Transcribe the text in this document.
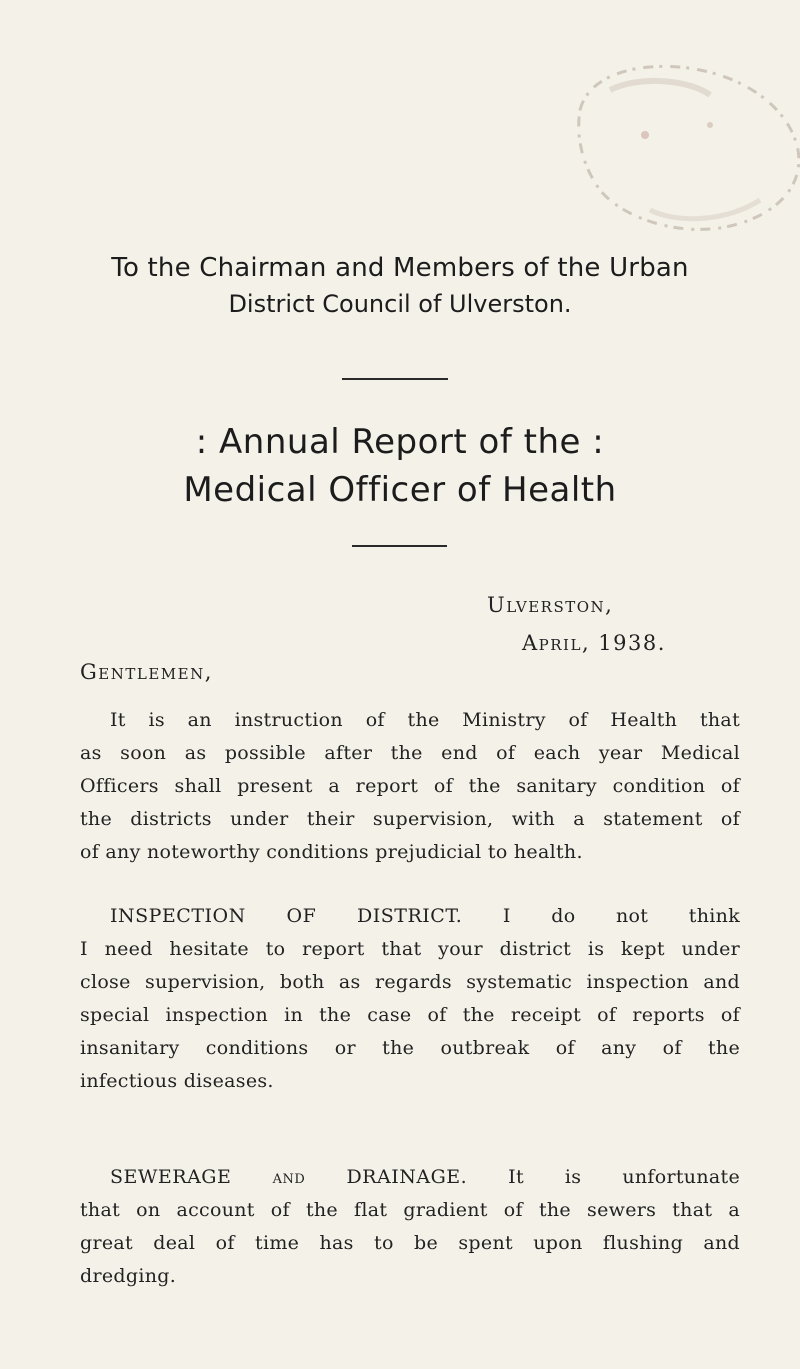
To the Chairman and Members of the Urban
District Council of Ulverston.
: Annual Report of the :
Medical Officer of Health
Ulverston,
April, 1938.
Gentlemen,
It is an instruction of the Ministry of Health that
as soon as possible after the end of each year Medical
Officers shall present a report of the sanitary condition of
the districts under their supervision, with a statement of
of any noteworthy conditions prejudicial to health.
INSPECTION OF DISTRICT. I do not think
I need hesitate to report that your district is kept under
close supervision, both as regards systematic inspection and
special inspection in the case of the receipt of reports of
insanitary conditions or the outbreak of any of the
infectious diseases.
SEWERAGE and DRAINAGE. It is unfortunate
that on account of the flat gradient of the sewers that a
great deal of time has to be spent upon flushing and
dredging.
